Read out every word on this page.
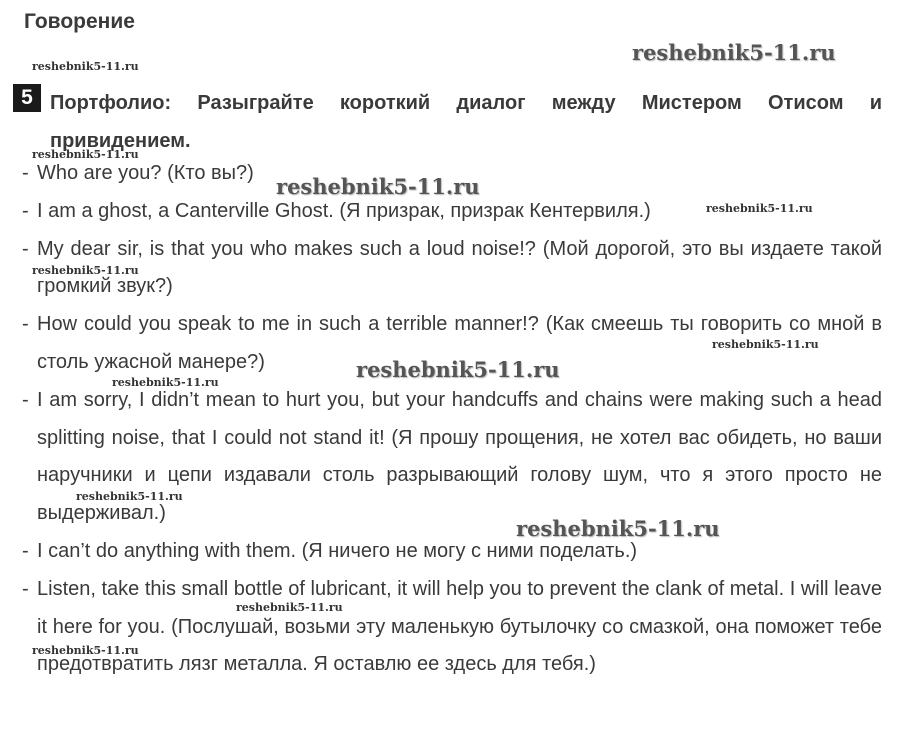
Говорение
5 Портфолио: Разыграйте короткий диалог между Мистером Отисом и привидением.

- Who are you? (Кто вы?)
- I am a ghost, a Canterville Ghost. (Я призрак, призрак Кентервиля.)
- My dear sir, is that you who makes such a loud noise!? (Мой дорогой, это вы издаете такой громкий звук?)
- How could you speak to me in such a terrible manner!? (Как смеешь ты говорить со мной в столь ужасной манере?)
- I am sorry, I didn’t mean to hurt you, but your handcuffs and chains were making such a head splitting noise, that I could not stand it! (Я прошу прощения, не хотел вас обидеть, но ваши наручники и цепи издавали столь разрывающий голову шум, что я этого просто не выдерживал.)
- I can’t do anything with them. (Я ничего не могу с ними поделать.)
- Listen, take this small bottle of lubricant, it will help you to prevent the clank of metal. I will leave it here for you. (Послушай, возьми эту маленькую бутылочку со смазкой, она поможет тебе предотвратить лязг металла. Я оставлю ее здесь для тебя.)
reshebnik5-11.ru
reshebnik5-11.ru
reshebnik5-11.ru
reshebnik5-11.ru
reshebnik5-11.ru
reshebnik5-11.ru
reshebnik5-11.ru
reshebnik5-11.ru
reshebnik5-11.ru
reshebnik5-11.ru
reshebnik5-11.ru
reshebnik5-11.ru
reshebnik5-11.ru
